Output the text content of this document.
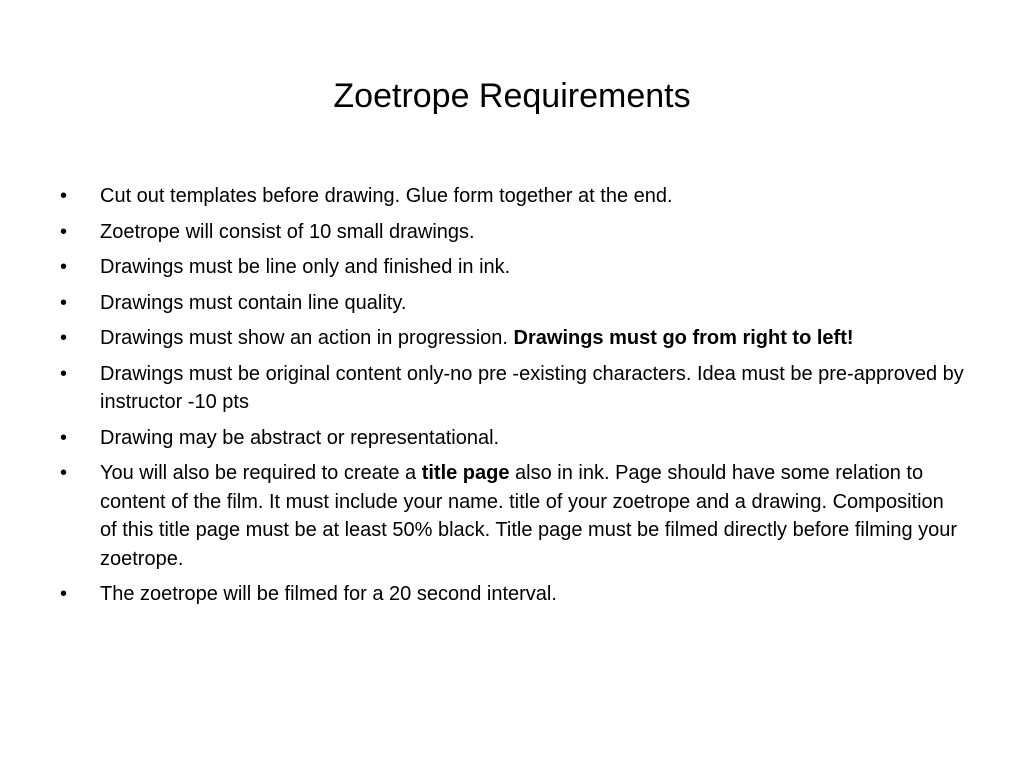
Zoetrope Requirements
•	Cut out templates before drawing. Glue form together at the end.
•	Zoetrope will consist of 10 small drawings.
•	Drawings must be line only and finished in ink.
•	Drawings must contain line quality.
•	Drawings must show an action in progression. Drawings must go from right to left!
•	Drawings must be original content only-no pre -existing characters. Idea must be pre-approved by instructor -10 pts
•	Drawing may be abstract or representational.
•	You will also be required to create a title page also in ink. Page should have some relation to content of the film. It must include your name. title of your zoetrope and a drawing. Composition of this title page must be at least 50% black. Title page must be filmed directly before filming your zoetrope.
•	The zoetrope will be filmed for a 20 second interval.
